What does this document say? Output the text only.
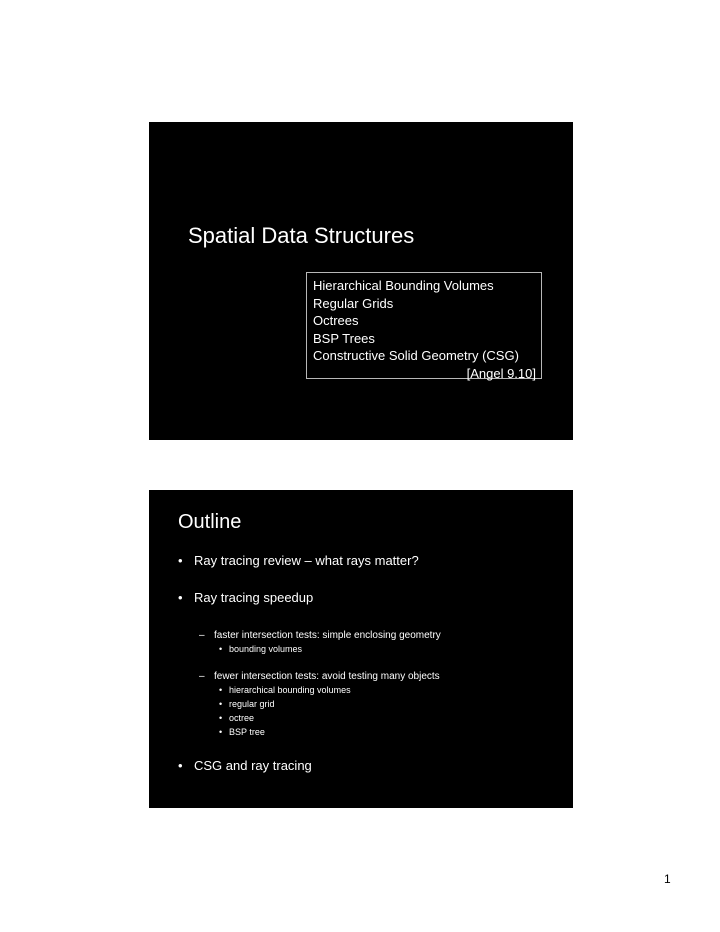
Spatial Data Structures
Hierarchical Bounding Volumes
Regular Grids
Octrees
BSP Trees
Constructive Solid Geometry (CSG)
[Angel 9.10]
Outline
• Ray tracing review – what rays matter?
• Ray tracing speedup
– faster intersection tests: simple enclosing geometry
• bounding volumes
– fewer intersection tests: avoid testing many objects
• hierarchical bounding volumes
• regular grid
• octree
• BSP tree
• CSG and ray tracing
1
